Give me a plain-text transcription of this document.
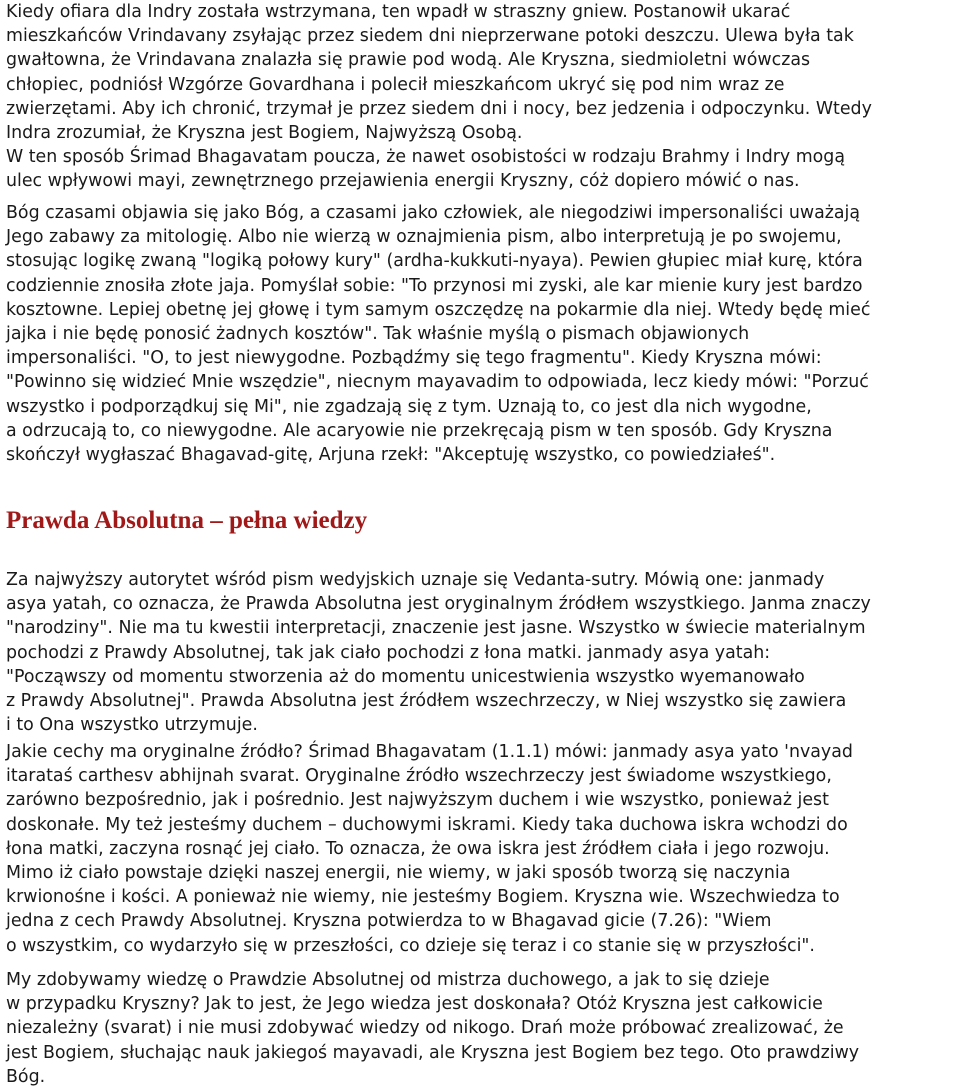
Kiedy ofiara dla Indry została wstrzymana, ten wpadł w straszny gniew. Postanowił ukarać
mieszkańców Vrindavany zsyłając przez siedem dni nieprzerwane potoki deszczu. Ulewa była tak
gwałtowna, że Vrindavana znalazła się prawie pod wodą. Ale Kryszna, siedmioletni wówczas
chłopiec, podniósł Wzgórze Govardhana i polecił mieszkańcom ukryć się pod nim wraz ze
zwierzętami. Aby ich chronić, trzymał je przez siedem dni i nocy, bez jedzenia i odpoczynku. Wtedy
Indra zrozumiał, że Kryszna jest Bogiem, Najwyższą Osobą.
W ten sposób Śrimad Bhagavatam poucza, że nawet osobistości w rodzaju Brahmy i Indry mogą
ulec wpływowi mayi, zewnętrznego przejawienia energii Kryszny, cóż dopiero mówić o nas.
Bóg czasami objawia się jako Bóg, a czasami jako człowiek, ale niegodziwi impersonaliści uważają
Jego zabawy za mitologię. Albo nie wierzą w oznajmienia pism, albo interpretują je po swojemu,
stosując logikę zwaną "logiką połowy kury" (ardha-kukkuti-nyaya). Pewien głupiec miał kurę, która
codziennie znosiła złote jaja. Pomyślał sobie: "To przynosi mi zyski, ale kar mienie kury jest bardzo
kosztowne. Lepiej obetnę jej głowę i tym samym oszczędzę na pokarmie dla niej. Wtedy będę mieć
jajka i nie będę ponosić żadnych kosztów". Tak właśnie myślą o pismach objawionych
impersonaliści. "O, to jest niewygodne. Pozbądźmy się tego fragmentu". Kiedy Kryszna mówi:
"Powinno się widzieć Mnie wszędzie", niecnym mayavadim to odpowiada, lecz kiedy mówi: "Porzuć
wszystko i podporządkuj się Mi", nie zgadzają się z tym. Uznają to, co jest dla nich wygodne,
a odrzucają to, co niewygodne. Ale acaryowie nie przekręcają pism w ten sposób. Gdy Kryszna
skończył wygłaszać Bhagavad-gitę, Arjuna rzekł: "Akceptuję wszystko, co powiedziałeś".
Prawda Absolutna – pełna wiedzy
Za najwyższy autorytet wśród pism wedyjskich uznaje się Vedanta-sutry. Mówią one: janmady
asya yatah, co oznacza, że Prawda Absolutna jest oryginalnym źródłem wszystkiego. Janma znaczy
"narodziny". Nie ma tu kwestii interpretacji, znaczenie jest jasne. Wszystko w świecie materialnym
pochodzi z Prawdy Absolutnej, tak jak ciało pochodzi z łona matki. janmady asya yatah:
"Począwszy od momentu stworzenia aż do momentu unicestwienia wszystko wyemanowało
z Prawdy Absolutnej". Prawda Absolutna jest źródłem wszechrzeczy, w Niej wszystko się zawiera
i to Ona wszystko utrzymuje.
Jakie cechy ma oryginalne źródło? Śrimad Bhagavatam (1.1.1) mówi: janmady asya yato 'nvayad
itarataś carthesv abhijnah svarat. Oryginalne źródło wszechrzeczy jest świadome wszystkiego,
zarówno bezpośrednio, jak i pośrednio. Jest najwyższym duchem i wie wszystko, ponieważ jest
doskonałe. My też jesteśmy duchem – duchowymi iskrami. Kiedy taka duchowa iskra wchodzi do
łona matki, zaczyna rosnąć jej ciało. To oznacza, że owa iskra jest źródłem ciała i jego rozwoju.
Mimo iż ciało powstaje dzięki naszej energii, nie wiemy, w jaki sposób tworzą się naczynia
krwionośne i kości. A ponieważ nie wiemy, nie jesteśmy Bogiem. Kryszna wie. Wszechwiedza to
jedna z cech Prawdy Absolutnej. Kryszna potwierdza to w Bhagavad gicie (7.26): "Wiem
o wszystkim, co wydarzyło się w przeszłości, co dzieje się teraz i co stanie się w przyszłości".
My zdobywamy wiedzę o Prawdzie Absolutnej od mistrza duchowego, a jak to się dzieje
w przypadku Kryszny? Jak to jest, że Jego wiedza jest doskonała? Otóż Kryszna jest całkowicie
niezależny (svarat) i nie musi zdobywać wiedzy od nikogo. Drań może próbować zrealizować, że
jest Bogiem, słuchając nauk jakiegoś mayavadi, ale Kryszna jest Bogiem bez tego. Oto prawdziwy
Bóg.
